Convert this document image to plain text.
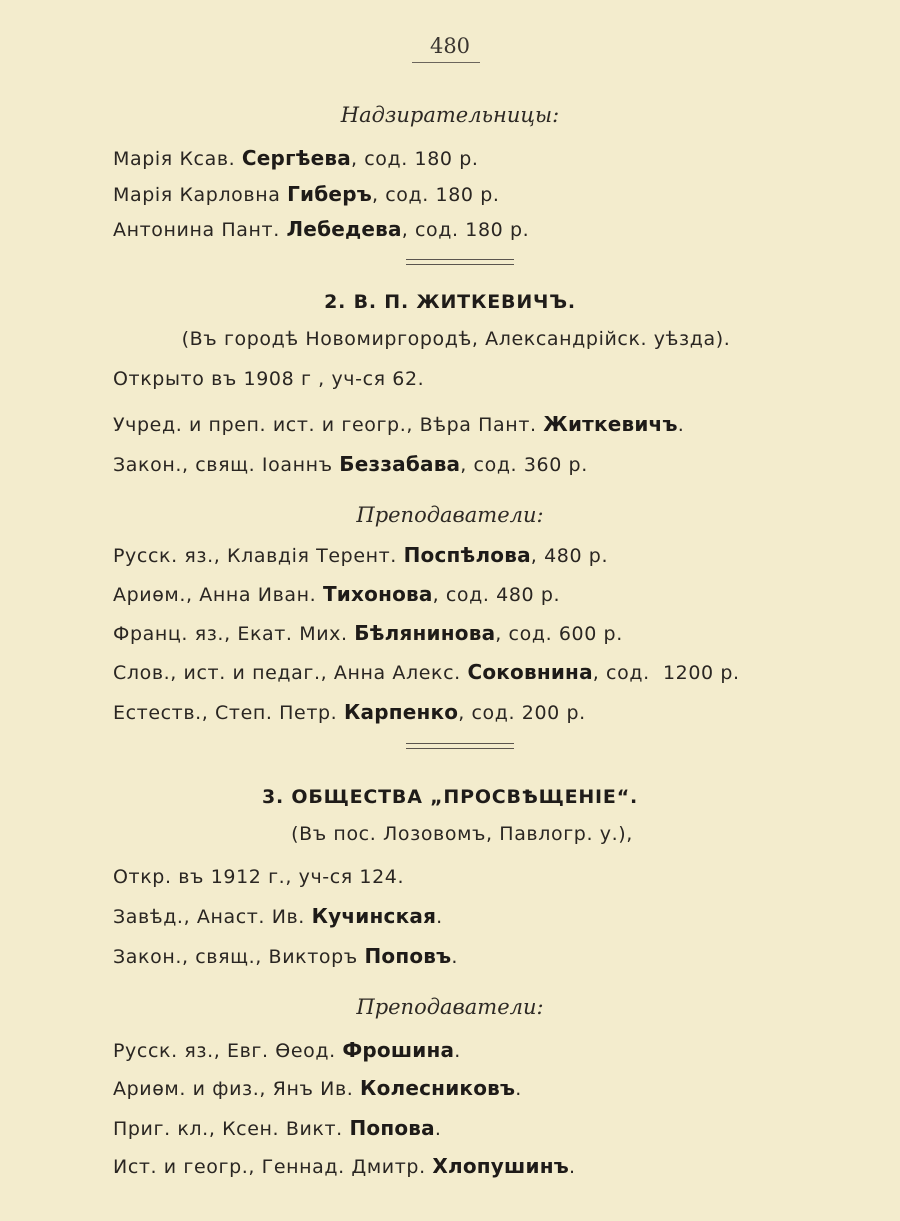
480
Надзирательницы:
Марія Ксав. Сергѣева, сод. 180 р.
Марія Карловна Гиберъ, сод. 180 р.
Антонина Пант. Лебедева, сод. 180 р.
2. В. П. ЖИТКЕВИЧЪ.
(Въ городѣ Новомиргородѣ, Александрійск. уѣзда).
Открыто въ 1908 г , уч-ся 62.
Учред. и преп. ист. и геогр., Вѣра Пант. Житкевичъ.
Закон., свящ. Іоаннъ Беззабава, сод. 360 р.
Преподаватели:
Русск. яз., Клавдія Терент. Поспѣлова, 480 р.
Ариѳм., Анна Иван. Тихонова, сод. 480 р.
Франц. яз., Екат. Мих. Бѣлянинова, сод. 600 р.
Слов., ист. и педаг., Анна Алекс. Соковнина, сод.  1200 р.
Естеств., Степ. Петр. Карпенко, сод. 200 р.
3. ОБЩЕСТВА „ПРОСВѢЩЕНІЕ“.
(Въ пос. Лозовомъ, Павлогр. у.),
Откр. въ 1912 г., уч-ся 124.
Завѣд., Анаст. Ив. Кучинская.
Закон., свящ., Викторъ Поповъ.
Преподаватели:
Русск. яз., Евг. Ѳеод. Фрошина.
Ариѳм. и физ., Янъ Ив. Колесниковъ.
Приг. кл., Ксен. Викт. Попова.
Ист. и геогр., Геннад. Дмитр. Хлопушинъ.
